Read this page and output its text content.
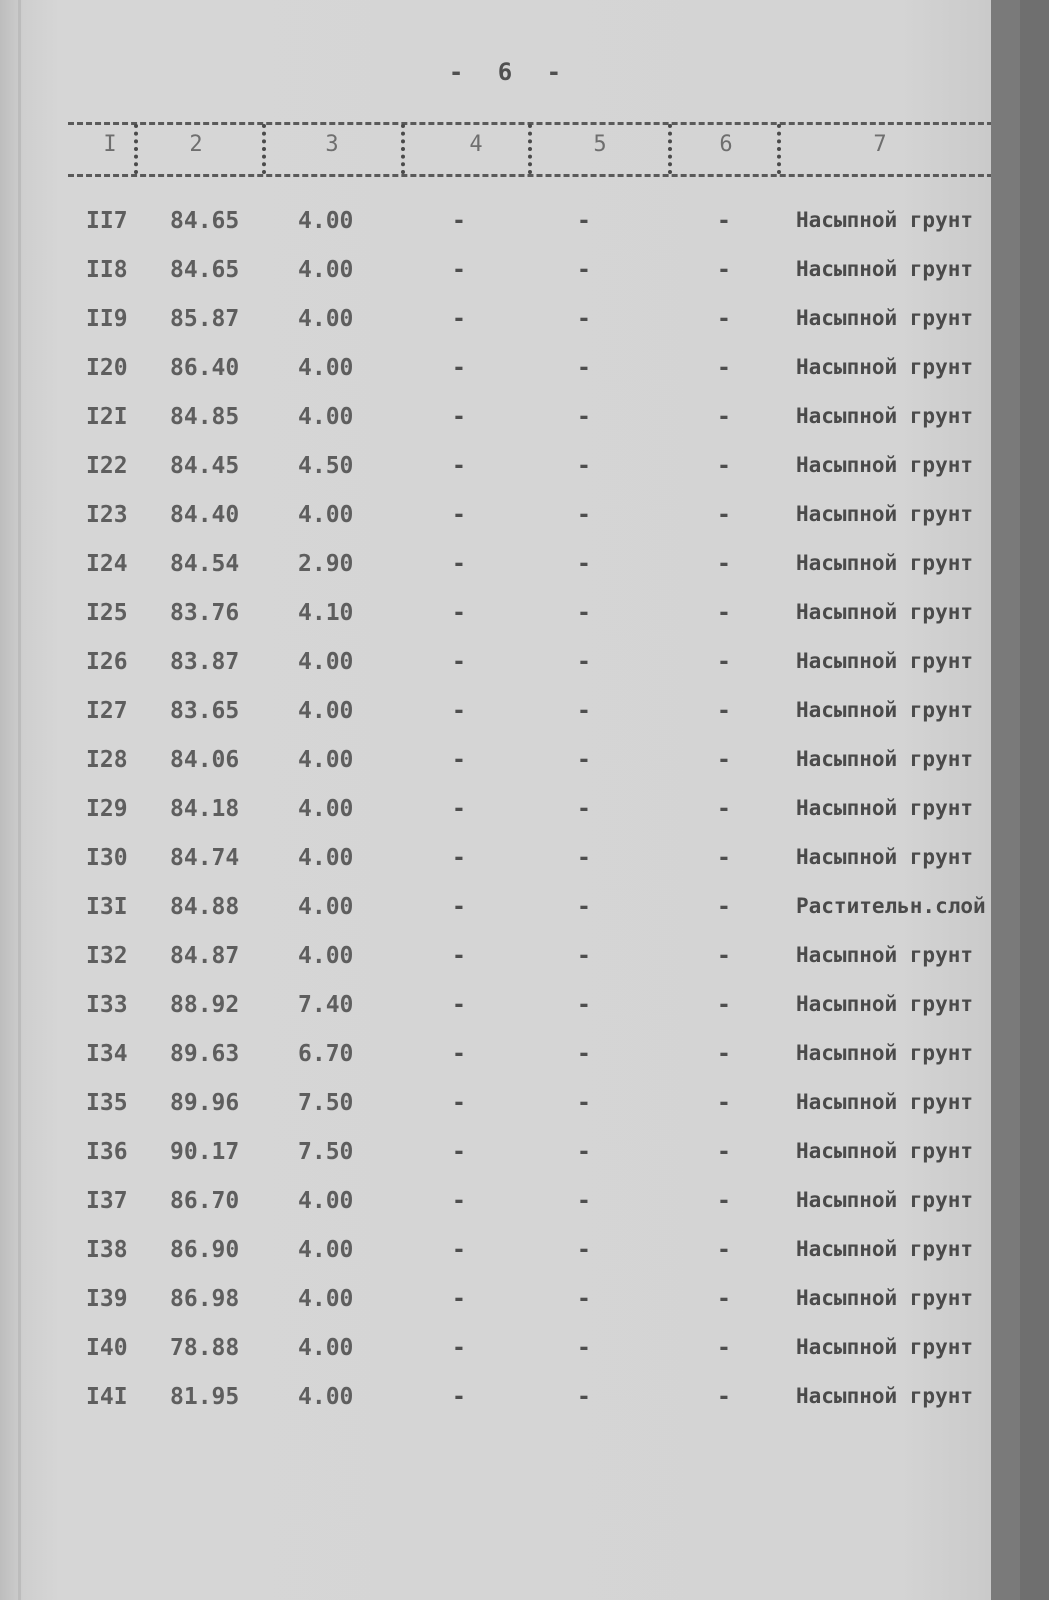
- 6 -
I	2	3	4	5	6	7
II7 84.65	4.00	-	-	-	Насыпной грунт
II8 84.65	4.00	-	-	-	Насыпной грунт
II9 85.87	4.00	-	-	-	Насыпной грунт
I20 86.40	4.00	-	-	-	Насыпной грунт
I2I 84.85	4.00	-	-	-	Насыпной грунт
I22 84.45	4.50	-	-	-	Насыпной грунт
I23 84.40	4.00	-	-	-	Насыпной грунт
I24 84.54	2.90	-	-	-	Насыпной грунт
I25 83.76	4.10	-	-	-	Насыпной грунт
I26 83.87	4.00	-	-	-	Насыпной грунт
I27 83.65	4.00	-	-	-	Насыпной грунт
I28 84.06	4.00	-	-	-	Насыпной грунт
I29 84.18	4.00	-	-	-	Насыпной грунт
I30 84.74	4.00	-	-	-	Насыпной грунт
I3I 84.88	4.00	-	-	-	Растительн.слой
I32 84.87	4.00	-	-	-	Насыпной грунт
I33 88.92	7.40	-	-	-	Насыпной грунт
I34 89.63	6.70	-	-	-	Насыпной грунт
I35 89.96	7.50	-	-	-	Насыпной грунт
I36 90.17	7.50	-	-	-	Насыпной грунт
I37 86.70	4.00	-	-	-	Насыпной грунт
I38 86.90	4.00	-	-	-	Насыпной грунт
I39 86.98	4.00	-	-	-	Насыпной грунт
I40 78.88	4.00	-	-	-	Насыпной грунт
I4I 81.95	4.00	-	-	-	Насыпной грунт
